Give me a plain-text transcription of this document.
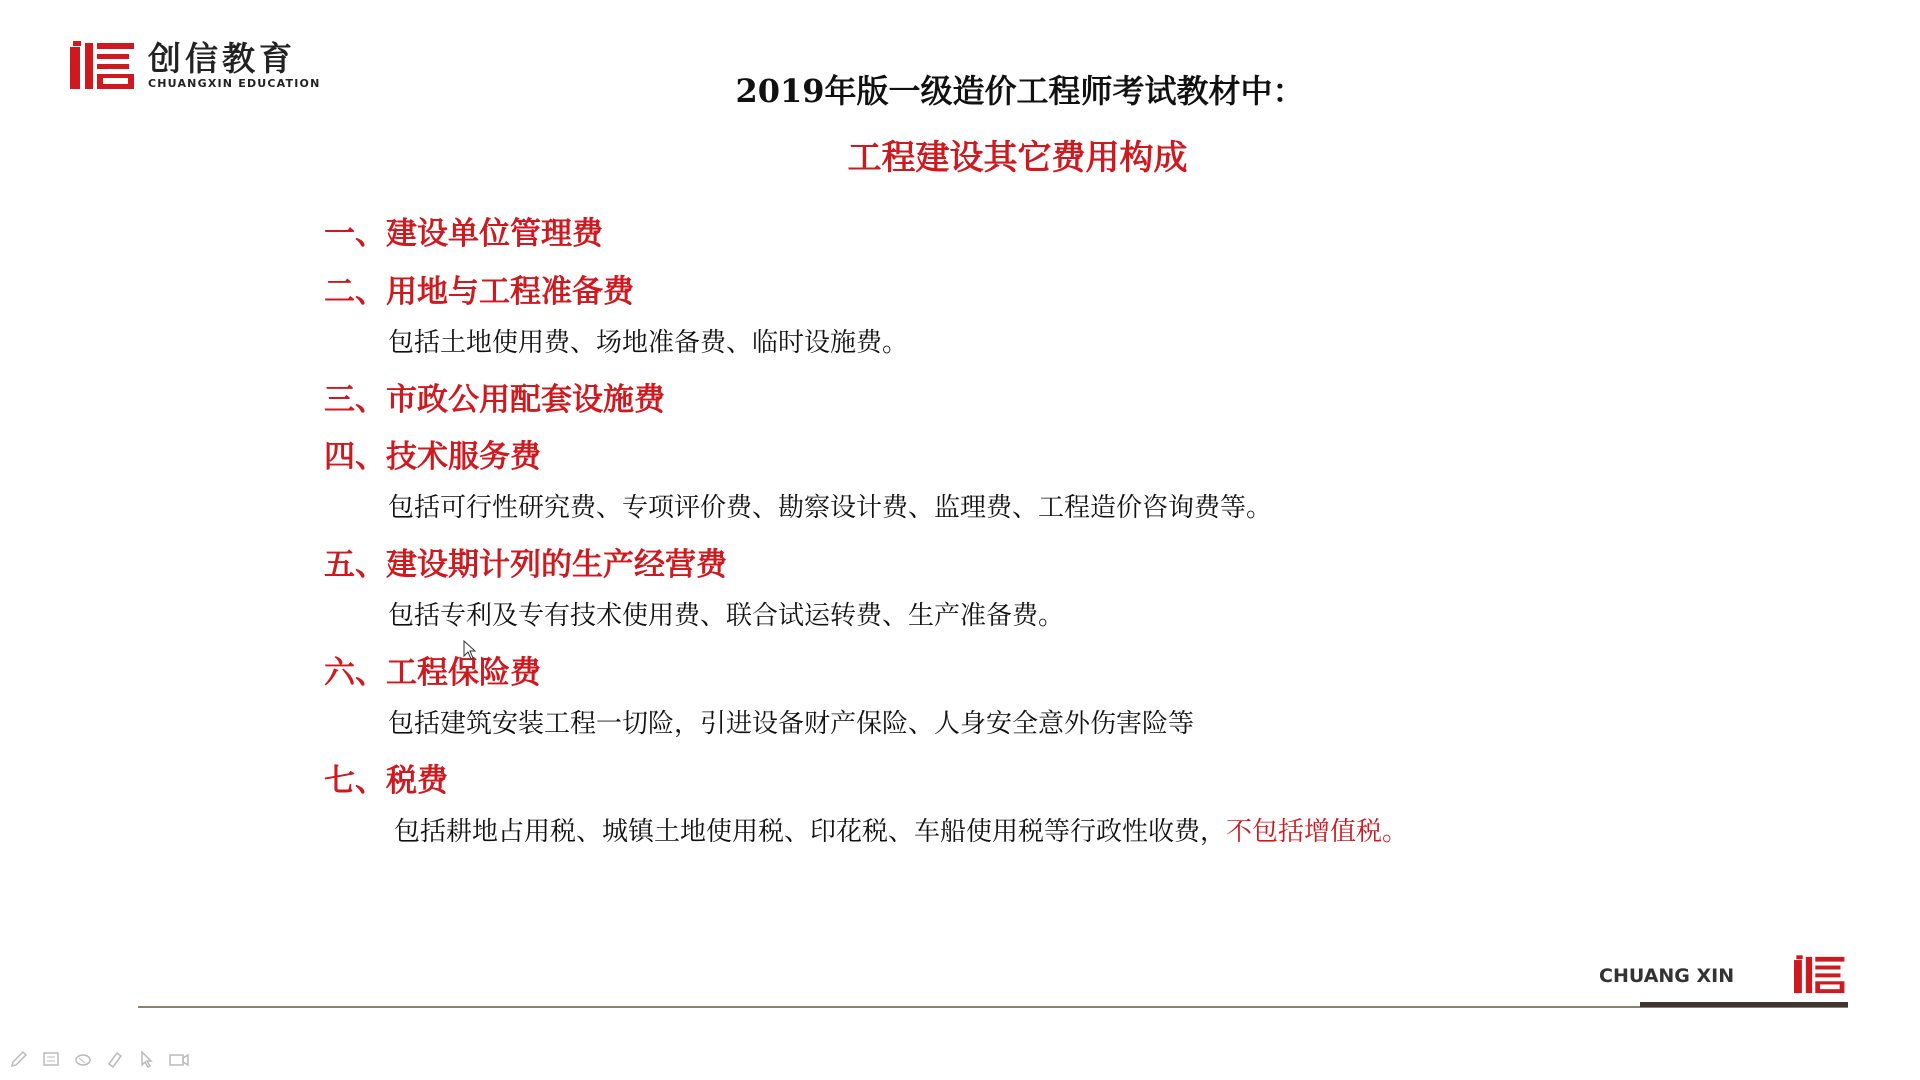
创信教育
CHUANGXIN EDUCATION	2019年版一级造价工程师考试教材中：
工程建设其它费用构成
一、建设单位管理费
二、用地与工程准备费
包括土地使用费、场地准备费、临时设施费。
三、市政公用配套设施费
四、技术服务费
包括可行性研究费、专项评价费、勘察设计费、监理费、工程造价咨询费等。
五、建设期计列的生产经营费
包括专利及专有技术使用费、联合试运转费、生产准备费。
六、工程保险费
包括建筑安装工程一切险，引进设备财产保险、人身安全意外伤害险等
七、税费
包括耕地占用税、城镇土地使用税、印花税、车船使用税等行政性收费，不包括增值税。
CHUANG XIN
